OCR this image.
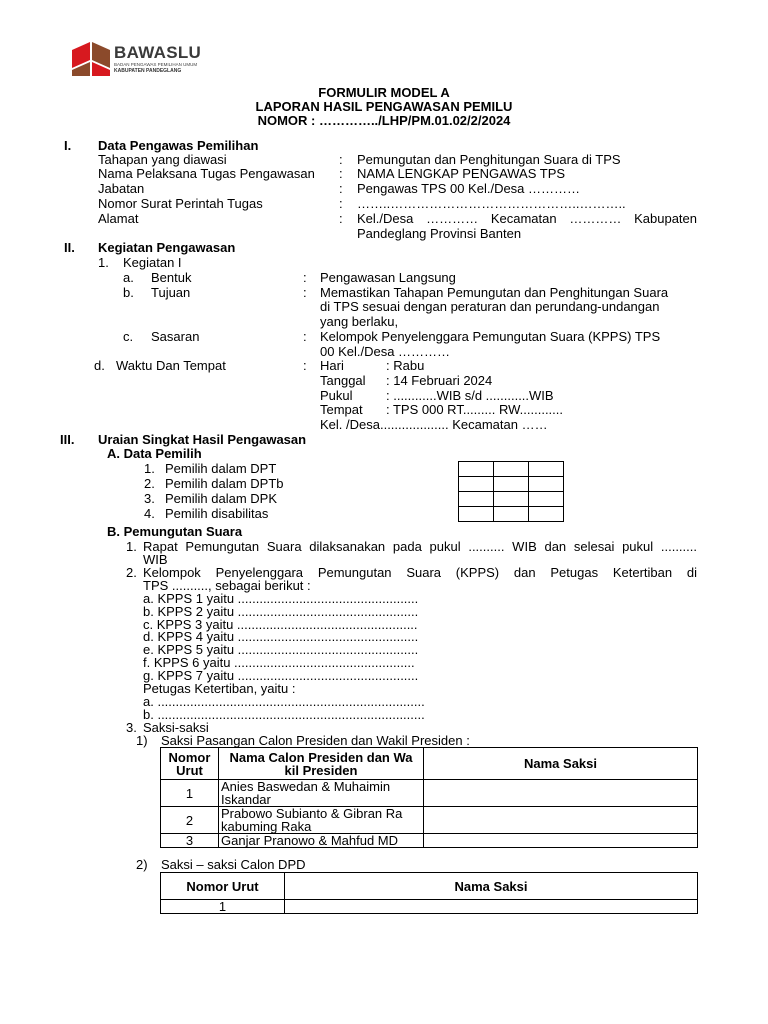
BAWASLU
BADAN PENGAWAS PEMILIHAN UMUM
KABUPATEN PANDEGLANG
FORMULIR MODEL A
LAPORAN HASIL PENGAWASAN PEMILU
NOMOR : …………../LHP/PM.01.02/2/2024
I. Data Pengawas Pemilihan
Tahapan yang diawasi	: Pemungutan dan Penghitungan Suara di TPS
Nama Pelaksana Tugas Pengawasan : NAMA LENGKAP PENGAWAS TPS
Jabatan	: Pengawas TPS 00 Kel./Desa …………
Nomor Surat Perintah Tugas	: ……..……………………………………..………..
Alamat	: Kel./Desa ………… Kecamatan ………… Kabupaten
Pandeglang Provinsi Banten
II. Kegiatan Pengawasan
1. Kegiatan I
a. Bentuk	: Pengawasan Langsung
b. Tujuan	: Memastikan Tahapan Pemungutan dan Penghitungan Suara
di TPS sesuai dengan peraturan dan perundang-undangan
yang berlaku,
c. Sasaran	: Kelompok Penyelenggara Pemungutan Suara (KPPS) TPS
00 Kel./Desa …………
d. Waktu Dan Tempat	: Hari	: Rabu
Tanggal : 14 Februari 2024
Pukul	: ............WIB s/d ............WIB
Tempat : TPS 000 RT......... RW............
Kel. /Desa................... Kecamatan ……
III. Uraian Singkat Hasil Pengawasan
A. Data Pemilih
1. Pemilih dalam DPT
2. Pemilih dalam DPTb
3. Pemilih dalam DPK
4. Pemilih disabilitas

B. Pemungutan Suara
1. Rapat Pemungutan Suara dilaksanakan pada pukul .......... WIB dan selesai pukul ..........
WIB
2. Kelompok Penyelenggara Pemungutan Suara (KPPS) dan Petugas Ketertiban di
TPS .........., sebagai berikut :
a. KPPS 1 yaitu ..................................................
b. KPPS 2 yaitu ..................................................
c. KPPS 3 yaitu ..................................................
d. KPPS 4 yaitu ..................................................
e. KPPS 5 yaitu ..................................................
f. KPPS 6 yaitu ..................................................
g. KPPS 7 yaitu ..................................................
Petugas Ketertiban, yaitu :
a. ..........................................................................
b. ..........................................................................
3. Saksi-saksi
1) Saksi Pasangan Calon Presiden dan Wakil Presiden :
Nomor
Urut	Nama Calon Presiden dan Wa
kil Presiden	Nama Saksi
1	Anies Baswedan & Muhaimin
Iskandar	
2	Prabowo Subianto & Gibran Ra
kabuming Raka	
3	Ganjar Pranowo & Mahfud MD	
2) Saksi – saksi Calon DPD
Nomor Urut	Nama Saksi
1	
